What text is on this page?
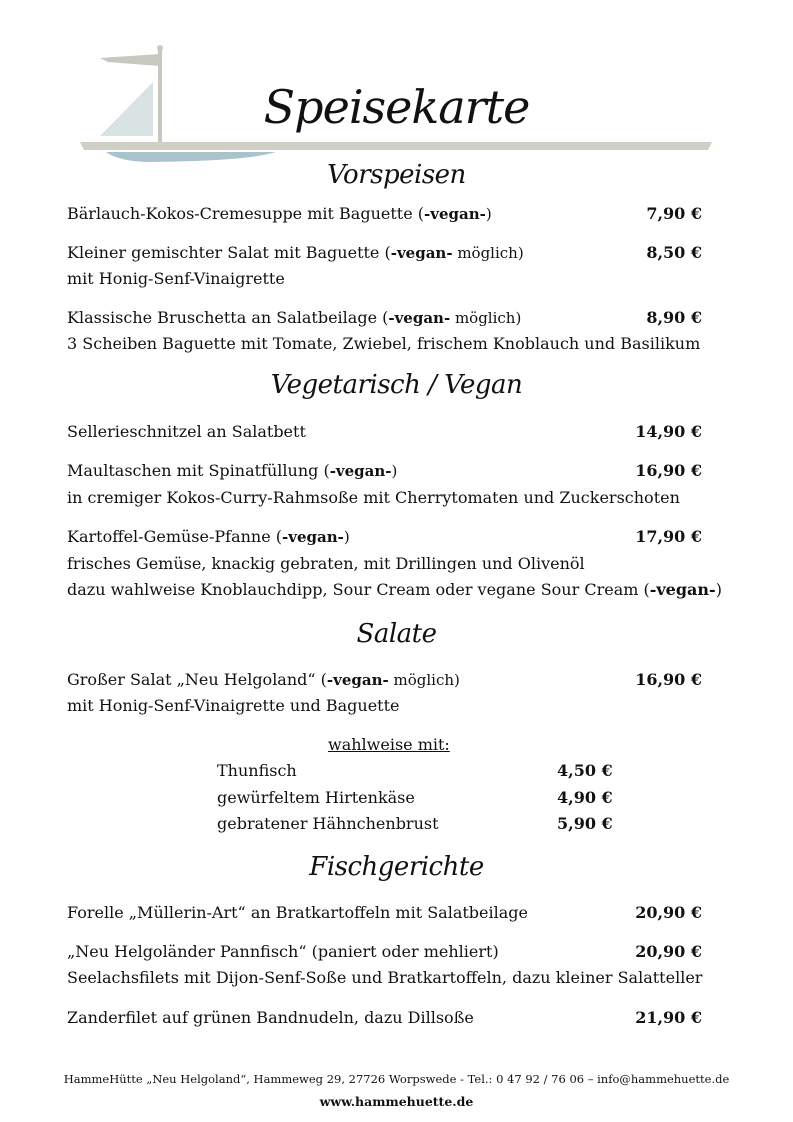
Speisekarte
Vorspeisen
Bärlauch-Kokos-Cremesuppe mit Baguette (-vegan-)	7,90 €
Kleiner gemischter Salat mit Baguette (-vegan- möglich)	8,50 €
mit Honig-Senf-Vinaigrette
Klassische Bruschetta an Salatbeilage (-vegan- möglich)	8,90 €
3 Scheiben Baguette mit Tomate, Zwiebel, frischem Knoblauch und Basilikum
Vegetarisch / Vegan
Sellerieschnitzel an Salatbett	14,90 €
Maultaschen mit Spinatfüllung (-vegan-)	16,90 €
in cremiger Kokos-Curry-Rahmsoße mit Cherrytomaten und Zuckerschoten
Kartoffel-Gemüse-Pfanne (-vegan-)	17,90 €
frisches Gemüse, knackig gebraten, mit Drillingen und Olivenöl
dazu wahlweise Knoblauchdipp, Sour Cream oder vegane Sour Cream (-vegan-)
Salate
Großer Salat „Neu Helgoland“ (-vegan- möglich)	16,90 €
mit Honig-Senf-Vinaigrette und Baguette
wahlweise mit:
Thunfisch	4,50 €
gewürfeltem Hirtenkäse	4,90 €
gebratener Hähnchenbrust	5,90 €
Fischgerichte
Forelle „Müllerin-Art“ an Bratkartoffeln mit Salatbeilage	20,90 €
„Neu Helgoländer Pannfisch“ (paniert oder mehliert)	20,90 €
Seelachsfilets mit Dijon-Senf-Soße und Bratkartoffeln, dazu kleiner Salatteller
Zanderfilet auf grünen Bandnudeln, dazu Dillsoße	21,90 €
HammeHütte „Neu Helgoland“, Hammeweg 29, 27726 Worpswede - Tel.: 0 47 92 / 76 06 – info@hammehuette.de
www.hammehuette.de
